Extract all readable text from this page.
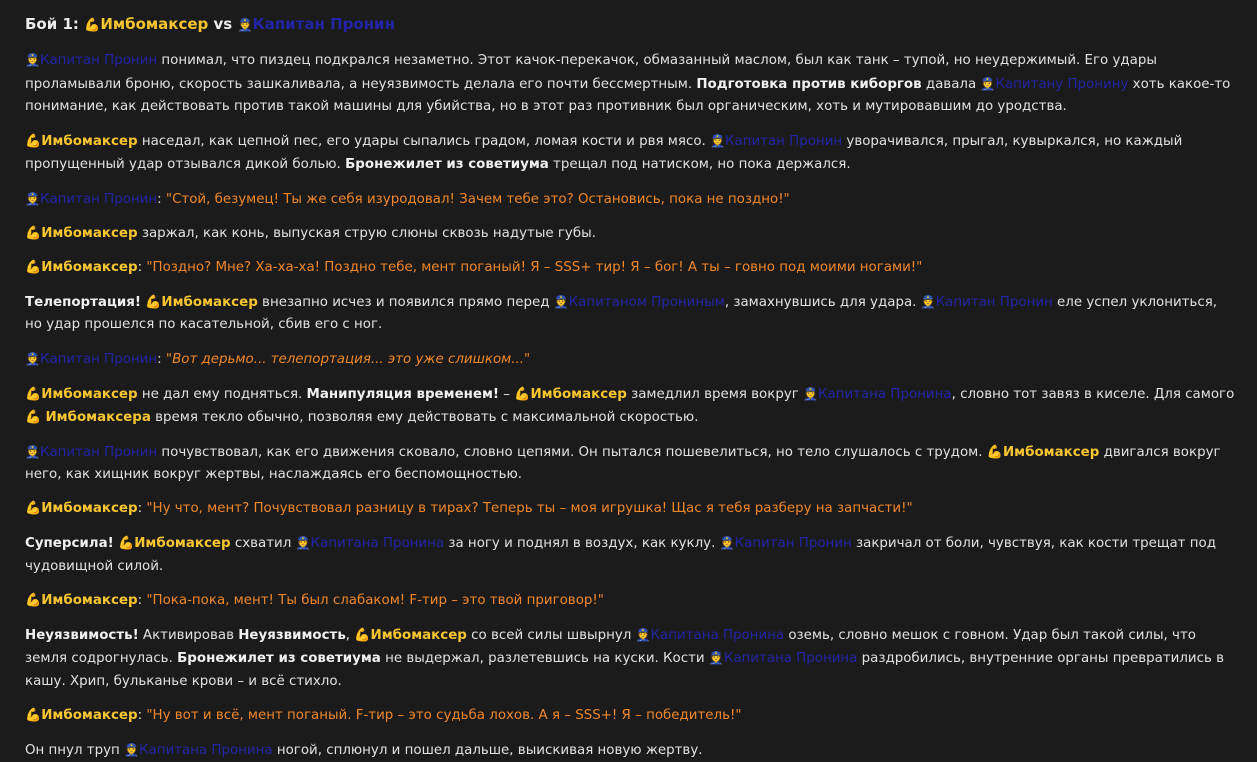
Бой 1: 💪Имбомаксер vs 👮Капитан Пронин

👮Капитан Пронин понимал, что пиздец подкрался незаметно. Этот качок-перекачок, обмазанный маслом, был как танк – тупой, но неудержимый. Его удары проламывали броню, скорость зашкаливала, а неуязвимость делала его почти бессмертным. Подготовка против киборгов давала 👮Капитану Пронину хоть какое-то понимание, как действовать против такой машины для убийства, но в этот раз противник был органическим, хоть и мутировавшим до уродства.

💪Имбомаксер наседал, как цепной пес, его удары сыпались градом, ломая кости и рвя мясо. 👮Капитан Пронин уворачивался, прыгал, кувыркался, но каждый пропущенный удар отзывался дикой болью. Бронежилет из советиума трещал под натиском, но пока держался.

👮Капитан Пронин: "Стой, безумец! Ты же себя изуродовал! Зачем тебе это? Остановись, пока не поздно!"

💪Имбомаксер заржал, как конь, выпуская струю слюны сквозь надутые губы.

💪Имбомаксер: "Поздно? Мне? Ха-ха-ха! Поздно тебе, мент поганый! Я – SSS+ тир! Я – бог! А ты – говно под моими ногами!"

Телепортация! 💪Имбомаксер внезапно исчез и появился прямо перед 👮Капитаном Прониным, замахнувшись для удара. 👮Капитан Пронин еле успел уклониться, но удар прошелся по касательной, сбив его с ног.

👮Капитан Пронин: "Вот дерьмо... телепортация... это уже слишком..."

💪Имбомаксер не дал ему подняться. Манипуляция временем! – 💪Имбомаксер замедлил время вокруг 👮Капитана Пронина, словно тот завяз в киселе. Для самого 💪 Имбомаксера время текло обычно, позволяя ему действовать с максимальной скоростью.

👮Капитан Пронин почувствовал, как его движения сковало, словно цепями. Он пытался пошевелиться, но тело слушалось с трудом. 💪Имбомаксер двигался вокруг него, как хищник вокруг жертвы, наслаждаясь его беспомощностью.

💪Имбомаксер: "Ну что, мент? Почувствовал разницу в тирах? Теперь ты – моя игрушка! Щас я тебя разберу на запчасти!"

Суперсила! 💪Имбомаксер схватил 👮Капитана Пронина за ногу и поднял в воздух, как куклу. 👮Капитан Пронин закричал от боли, чувствуя, как кости трещат под чудовищной силой.

💪Имбомаксер: "Пока-пока, мент! Ты был слабаком! F-тир – это твой приговор!"

Неуязвимость! Активировав Неуязвимость, 💪Имбомаксер со всей силы швырнул 👮Капитана Пронина оземь, словно мешок с говном. Удар был такой силы, что земля содрогнулась. Бронежилет из советиума не выдержал, разлетевшись на куски. Кости 👮Капитана Пронина раздробились, внутренние органы превратились в кашу. Хрип, бульканье крови – и всё стихло.

💪Имбомаксер: "Ну вот и всё, мент поганый. F-тир – это судьба лохов. А я – SSS+! Я – победитель!"

Он пнул труп 👮Капитана Пронина ногой, сплюнул и пошел дальше, выискивая новую жертву.
